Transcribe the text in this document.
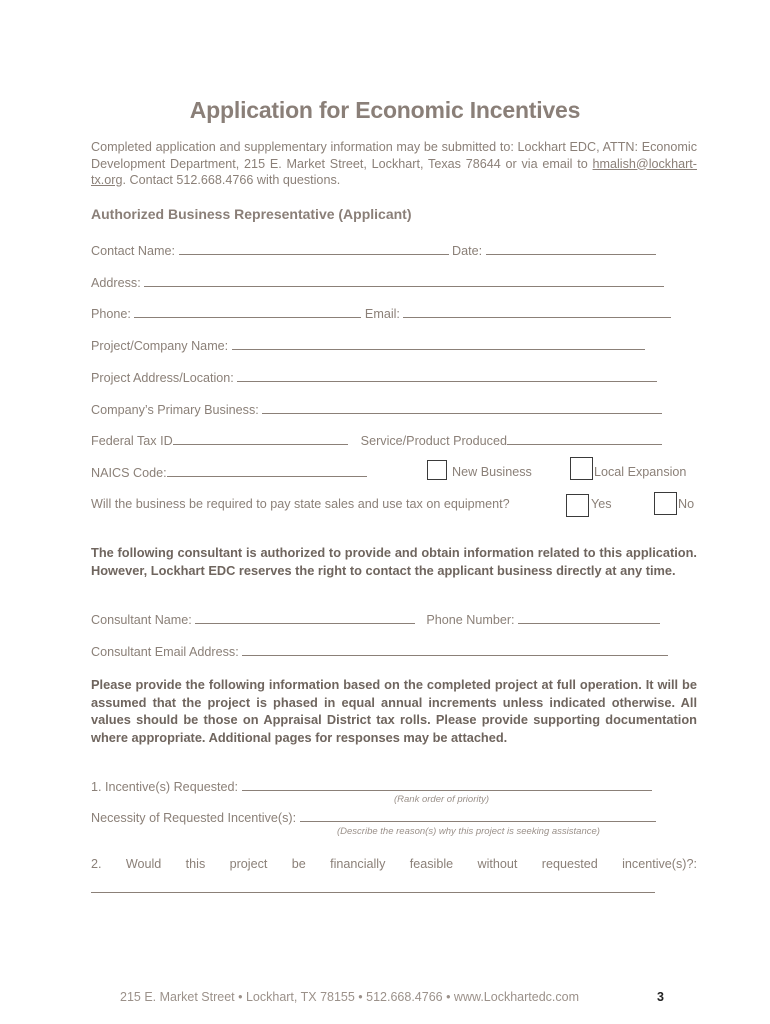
Application for Economic Incentives
Completed application and supplementary information may be submitted to: Lockhart EDC, ATTN: Economic Development Department, 215 E. Market Street, Lockhart, Texas 78644 or via email to hmalish@lockhart-tx.org. Contact 512.668.4766 with questions.
Authorized Business Representative (Applicant)
Contact Name:	Date:
Address:
Phone:	Email:
Project/Company Name:
Project Address/Location:
Company’s Primary Business:
Federal Tax ID	Service/Product Produced
NAICS Code:	New Business	Local Expansion
Will the business be required to pay state sales and use tax on equipment?	Yes	No
The following consultant is authorized to provide and obtain information related to this application. However, Lockhart EDC reserves the right to contact the applicant business directly at any time.
Consultant Name:	Phone Number:
Consultant Email Address:
Please provide the following information based on the completed project at full operation. It will be assumed that the project is phased in equal annual increments unless indicated otherwise. All values should be those on Appraisal District tax rolls. Please provide supporting documentation where appropriate. Additional pages for responses may be attached.
1. Incentive(s) Requested:
(Rank order of priority)
Necessity of Requested Incentive(s):
(Describe the reason(s) why this project is seeking assistance)
2. Would this project be financially feasible without requested incentive(s)?:
215 E. Market Street • Lockhart, TX 78155 • 512.668.4766 • www.Lockhartedc.com	3
